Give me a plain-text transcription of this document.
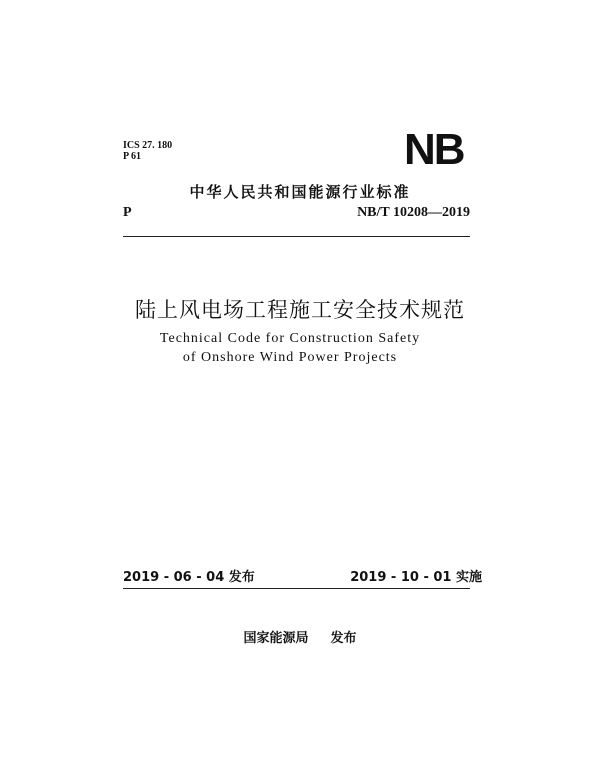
ICS 27. 180
P 61	NB
中华人民共和国能源行业标准
P	NB/T 10208—2019
陆上风电场工程施工安全技术规范
Technical Code for Construction Safety
of Onshore Wind Power Projects
2019 - 06 - 04 发布	2019 - 10 - 01 实施
国家能源局 发布
